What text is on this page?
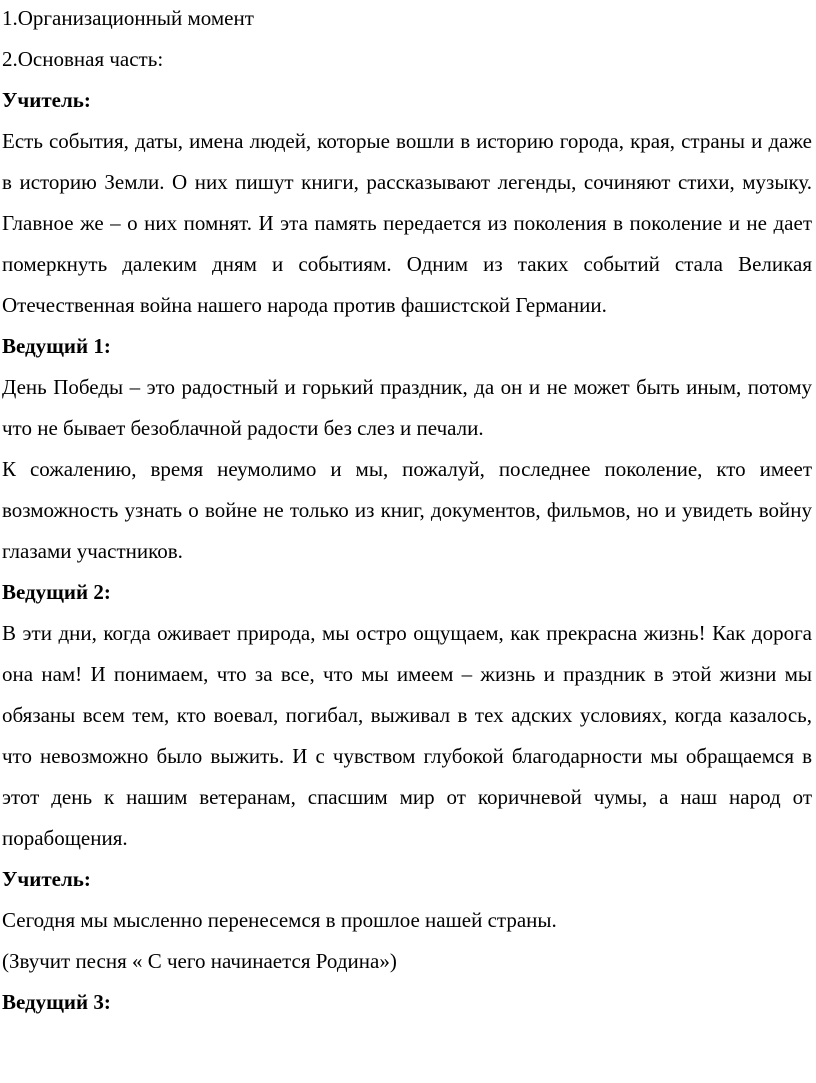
1.Организационный момент

2.Основная часть:

Учитель:

Есть события, даты, имена людей, которые вошли в историю города, края, страны и даже в историю Земли. О них пишут книги, рассказывают легенды, сочиняют стихи, музыку. Главное же – о них помнят. И эта память передается из поколения в поколение и не дает померкнуть далеким дням и событиям. Одним из таких событий стала Великая Отечественная война нашего народа против фашистской Германии.

Ведущий 1:

День Победы – это радостный и горький праздник, да он и не может быть иным, потому что не бывает безоблачной радости без слез и печали.

К сожалению, время неумолимо и мы, пожалуй, последнее поколение, кто имеет возможность узнать о войне не только из книг, документов, фильмов, но и увидеть войну глазами участников.

Ведущий 2:

В эти дни, когда оживает природа, мы остро ощущаем, как прекрасна жизнь! Как дорога она нам! И понимаем, что за все, что мы имеем – жизнь и праздник в этой жизни мы обязаны всем тем, кто воевал, погибал, выживал в тех адских условиях, когда казалось, что невозможно было выжить. И с чувством глубокой благодарности мы обращаемся в этот день к нашим ветеранам, спасшим мир от коричневой чумы, а наш народ от порабощения.

Учитель:

Сегодня мы мысленно перенесемся в прошлое нашей страны.

(Звучит песня « С чего начинается Родина»)

Ведущий 3:
